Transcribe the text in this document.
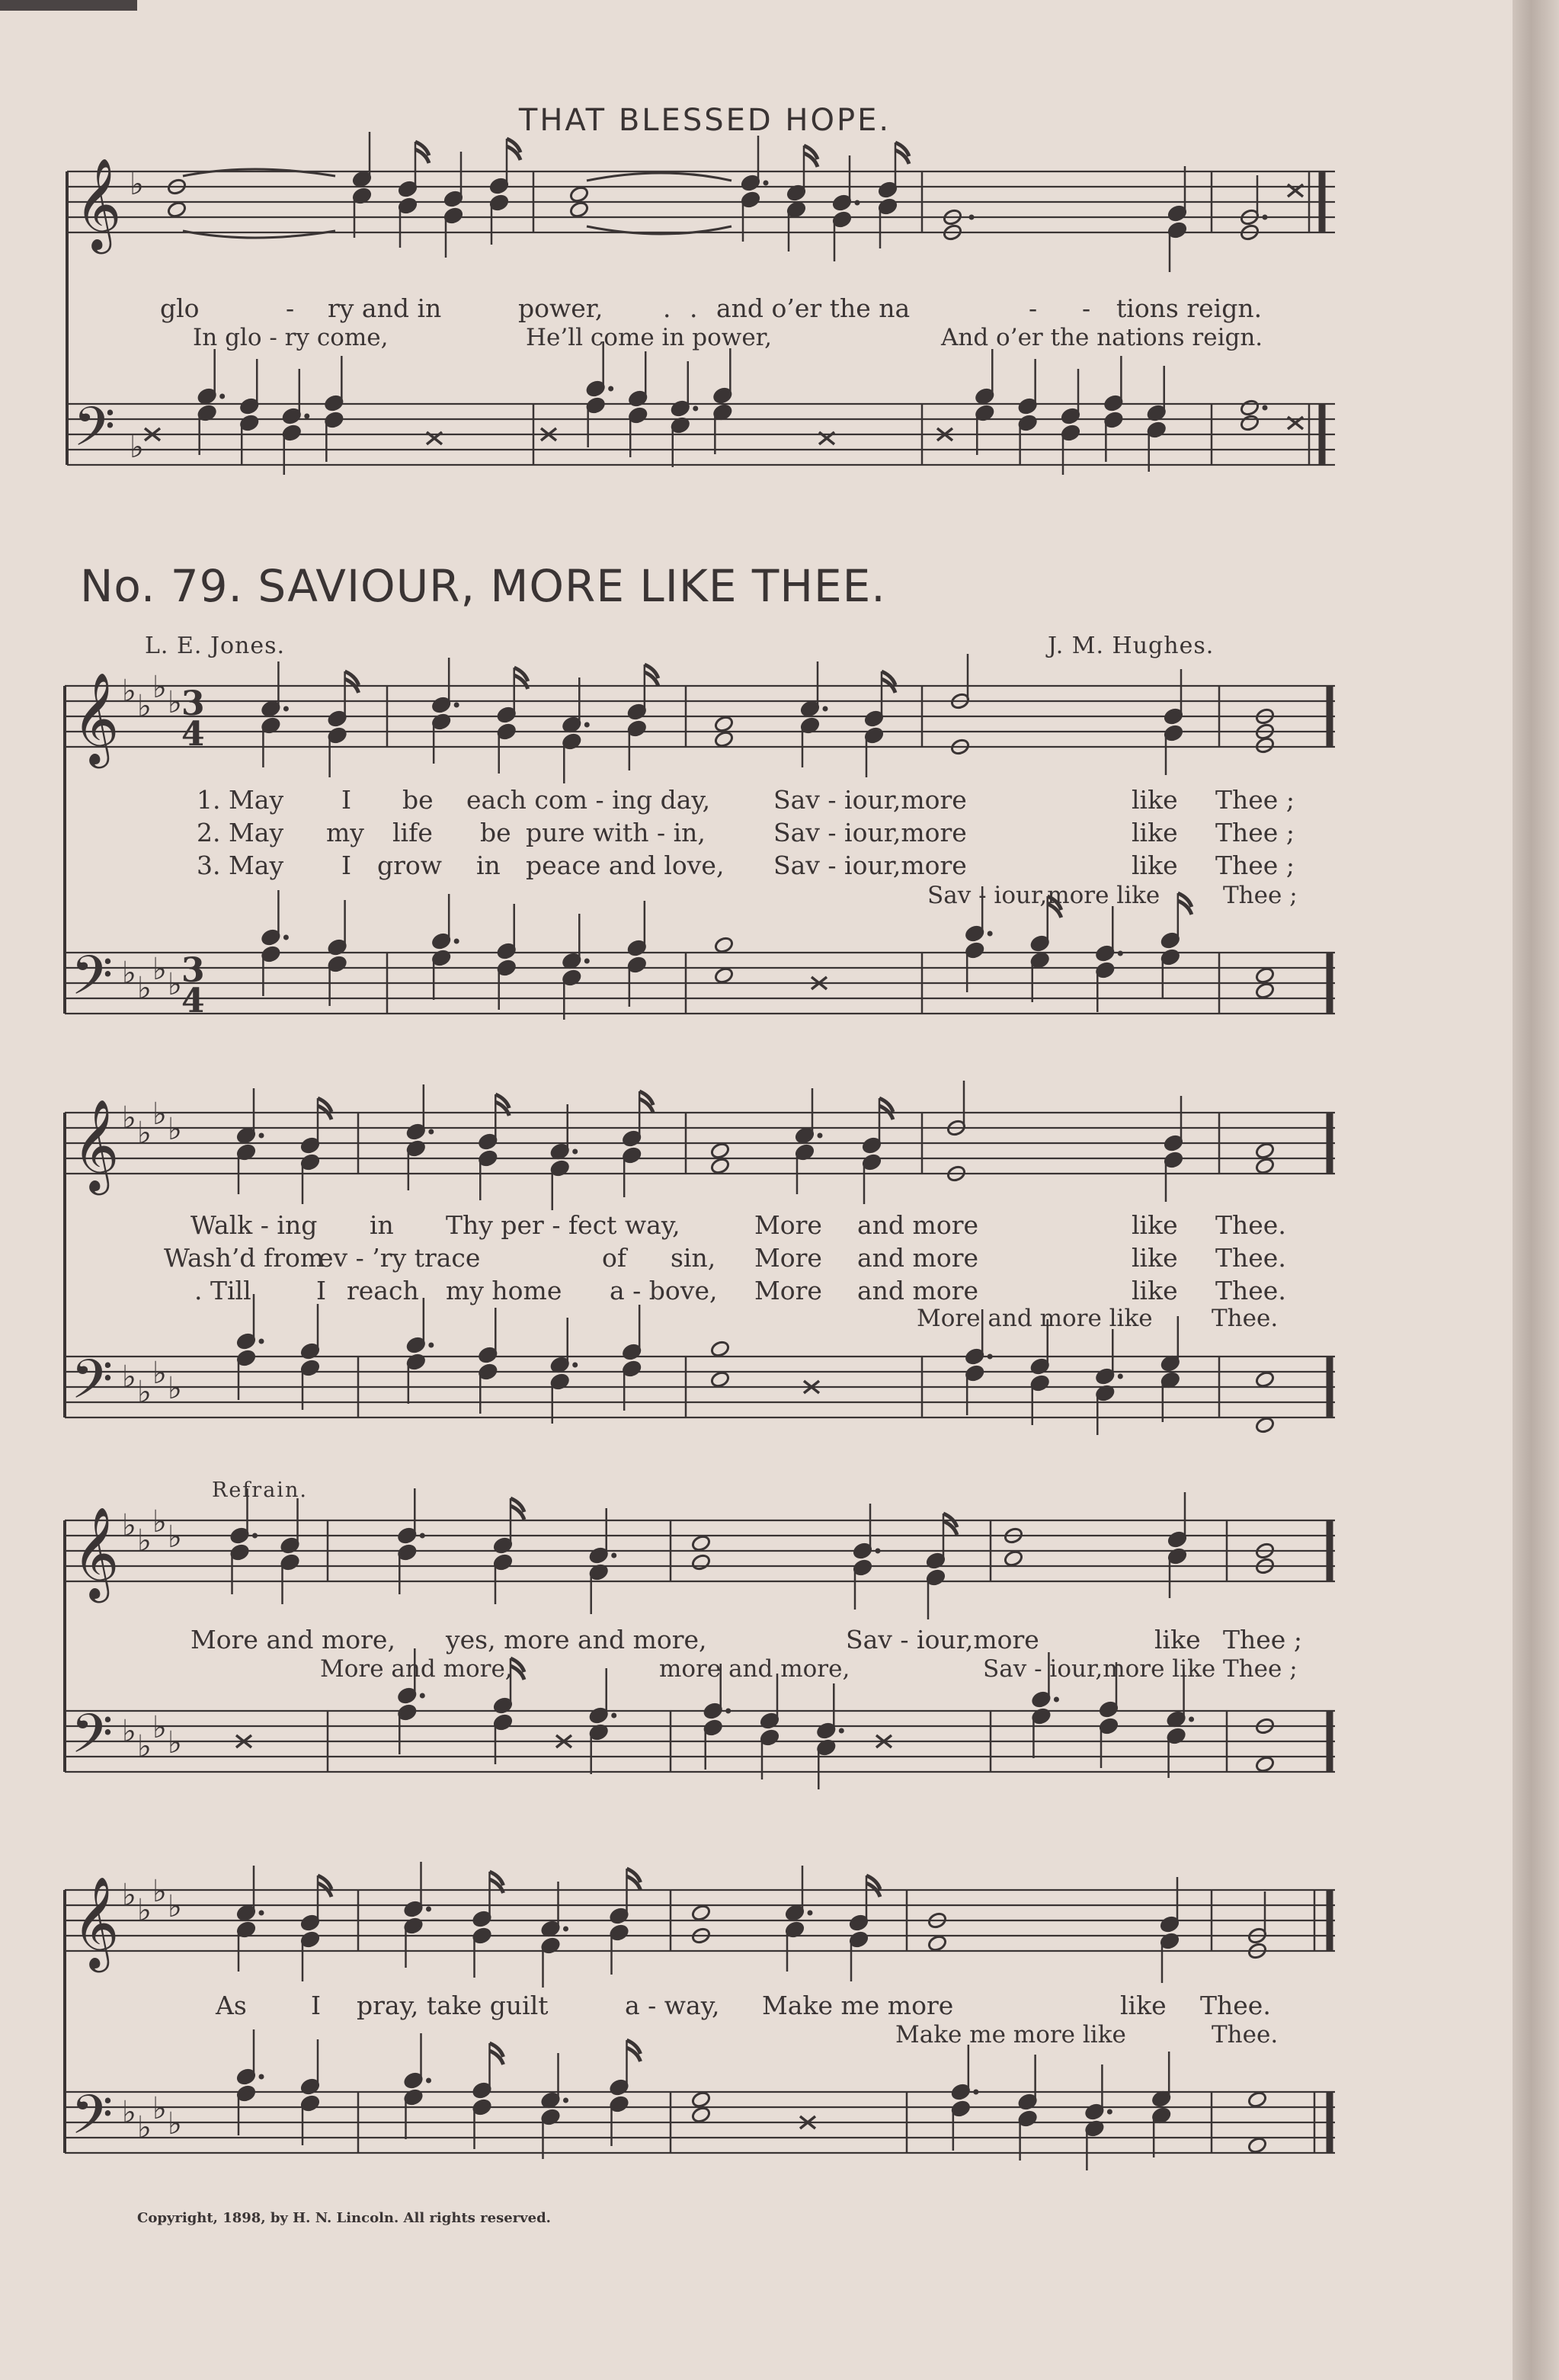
THAT BLESSED HOPE.
glo	- ry and in	power, . . and o’er the na	- - tions reign.
In glo - ry come,	He’ll come in power,	And o’er the nations reign.
No. 79. SAVIOUR, MORE LIKE THEE.
L. E. Jones.	J. M. Hughes.
1. May I be each com - ing day,	Sav - iour,more	like Thee ;
2. May my life be pure with - in,	Sav - iour,more	like Thee ;
3. May I grow in peace and love, Sav - iour,more	like Thee ;
Sav - iour,more like	Thee ;
Walk - ing in Thy per - fect way,	More and more	like Thee.
Wash’d from
ev - ’ry trace	of sin, More and more	like Thee.
. Till	I reach my home a - bove, More and more	like Thee.
More and more like Thee.
More and more, yes, more and more,	Sav - iour,more	like Thee ;
More and more,	more and more,	Sav - iour,more like Thee ;
As	I pray, take guilt	a - way, Make me more	like Thee.
Make me more like	Thee.
Refrain.
Copyright, 1898, by H. N. Lincoln. All rights reserved.
𝄞
𝄢
♭
♭
𝄞
𝄢
♭ ♭
♭ ♭
♭ ♭
♭ ♭
3
4
3
4
𝄞
𝄢
♭ ♭
♭ ♭
♭ ♭
♭ ♭
𝄞
𝄢
♭ ♭
♭ ♭
♭ ♭
♭ ♭
𝄞
𝄢
♭ ♭
♭ ♭
♭ ♭
♭ ♭
